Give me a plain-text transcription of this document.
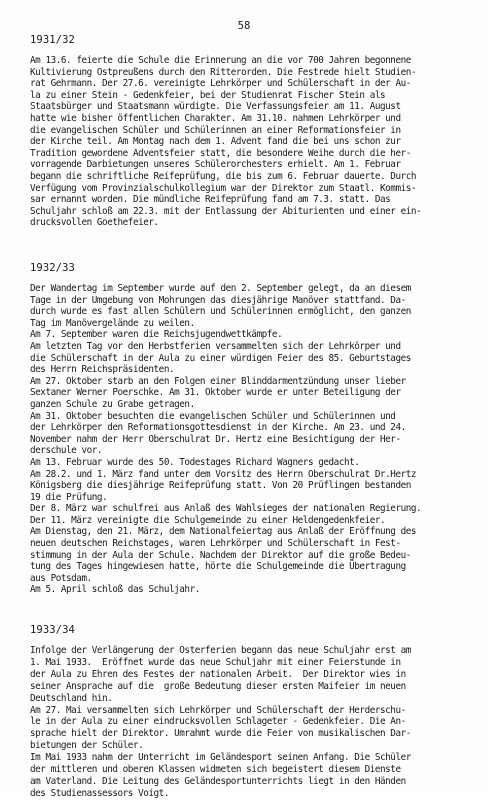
58
1931/32
Am 13.6. feierte die Schule die Erinnerung an die vor 700 Jahren begonnene
Kultivierung Ostpreußens durch den Ritterorden. Die Festrede hielt Studien-
rat Gehrmann. Der 27.6. vereinigte Lehrkörper und Schülerschaft in der Au-
la zu einer Stein - Gedenkfeier, bei der Studienrat Fischer Stein als
Staatsbürger und Staatsmann würdigte. Die Verfassungsfeier am 11. August
hatte wie bisher öffentlichen Charakter. Am 31.10. nahmen Lehrkörper und
die evangelischen Schüler und Schülerinnen an einer Reformationsfeier in
der Kirche teil. Am Montag nach dem 1. Advent fand die bei uns schon zur
Tradition gewordene Adventsfeier statt, die besondere Weihe durch die her-
vorragende Darbietungen unseres Schülerorchesters erhielt. Am 1. Februar
begann die schriftliche Reifeprüfung, die bis zum 6. Februar dauerte. Durch
Verfügung vom Provinzialschulkollegium war der Direktor zum Staatl. Kommis-
sar ernannt worden. Die mündliche Reifeprüfung fand am 7.3. statt. Das
Schuljahr schloß am 22.3. mit der Entlassung der Abiturienten und einer ein-
drucksvollen Goethefeier.
1932/33
Der Wandertag im September wurde auf den 2. September gelegt, da an diesem
Tage in der Umgebung von Mohrungen das diesjährige Manöver stattfand. Da-
durch wurde es fast allen Schülern und Schülerinnen ermöglicht, den ganzen
Tag im Manövergelände zu weilen.
Am 7. September waren die Reichsjugendwettkämpfe.
Am letzten Tag vor den Herbstferien versammelten sich der Lehrkörper und
die Schülerschaft in der Aula zu einer würdigen Feier des 85. Geburtstages
des Herrn Reichspräsidenten.
Am 27. Oktober starb an den Folgen einer Blinddarmentzündung unser lieber
Sextaner Werner Poerschke. Am 31. Oktober wurde er unter Beteiligung der
ganzen Schule zu Grabe getragen.
Am 31. Oktober besuchten die evangelischen Schüler und Schülerinnen und
der Lehrkörper den Reformationsgottesdienst in der Kirche. Am 23. und 24.
November nahm der Herr Oberschulrat Dr. Hertz eine Besichtigung der Her-
derschule vor.
Am 13. Februar wurde des 50. Todestages Richard Wagners gedacht.
Am 28.2. und 1. März fand unter dem Vorsitz des Herrn Oberschulrat Dr.Hertz
Königsberg die diesjährige Reifeprüfung statt. Von 20 Prüflingen bestanden
19 die Prüfung.
Der 8. März war schulfrei aus Anlaß des Wahlsieges der nationalen Regierung.
Der 11. März vereinigte die Schulgemeinde zu einer Heldengedenkfeier.
Am Dienstag, den 21. März, dem Nationalfeiertag aus Anlaß der Eröffnung des
neuen deutschen Reichstages, waren Lehrkörper und Schülerschaft in Fest-
stimmung in der Aula der Schule. Nachdem der Direktor auf die große Bedeu-
tung des Tages hingewiesen hatte, hörte die Schulgemeinde die Übertragung
aus Potsdam.
Am 5. April schloß das Schuljahr.
1933/34
Infolge der Verlängerung der Osterferien begann das neue Schuljahr erst am
1. Mai 1933.  Eröffnet wurde das neue Schuljahr mit einer Feierstunde in
der Aula zu Ehren des Festes der nationalen Arbeit.  Der Direktor wies in
seiner Ansprache auf die  große Bedeutung dieser ersten Maifeier im neuen
Deutschland hin.
Am 27. Mai versammelten sich Lehrkörper und Schülerschaft der Herderschu-
le in der Aula zu einer eindrucksvollen Schlageter - Gedenkfeier. Die An-
sprache hielt der Direktor. Umrahmt wurde die Feier von musikalischen Dar-
bietungen der Schüler.
Im Mai 1933 nahm der Unterricht im Geländesport seinen Anfang. Die Schüler
der mittleren und oberen Klassen widmeten sich begeistert diesem Dienste
am Vaterland. Die Leitung des Geländesportunterrichts liegt in den Händen
des Studienassessors Voigt.
